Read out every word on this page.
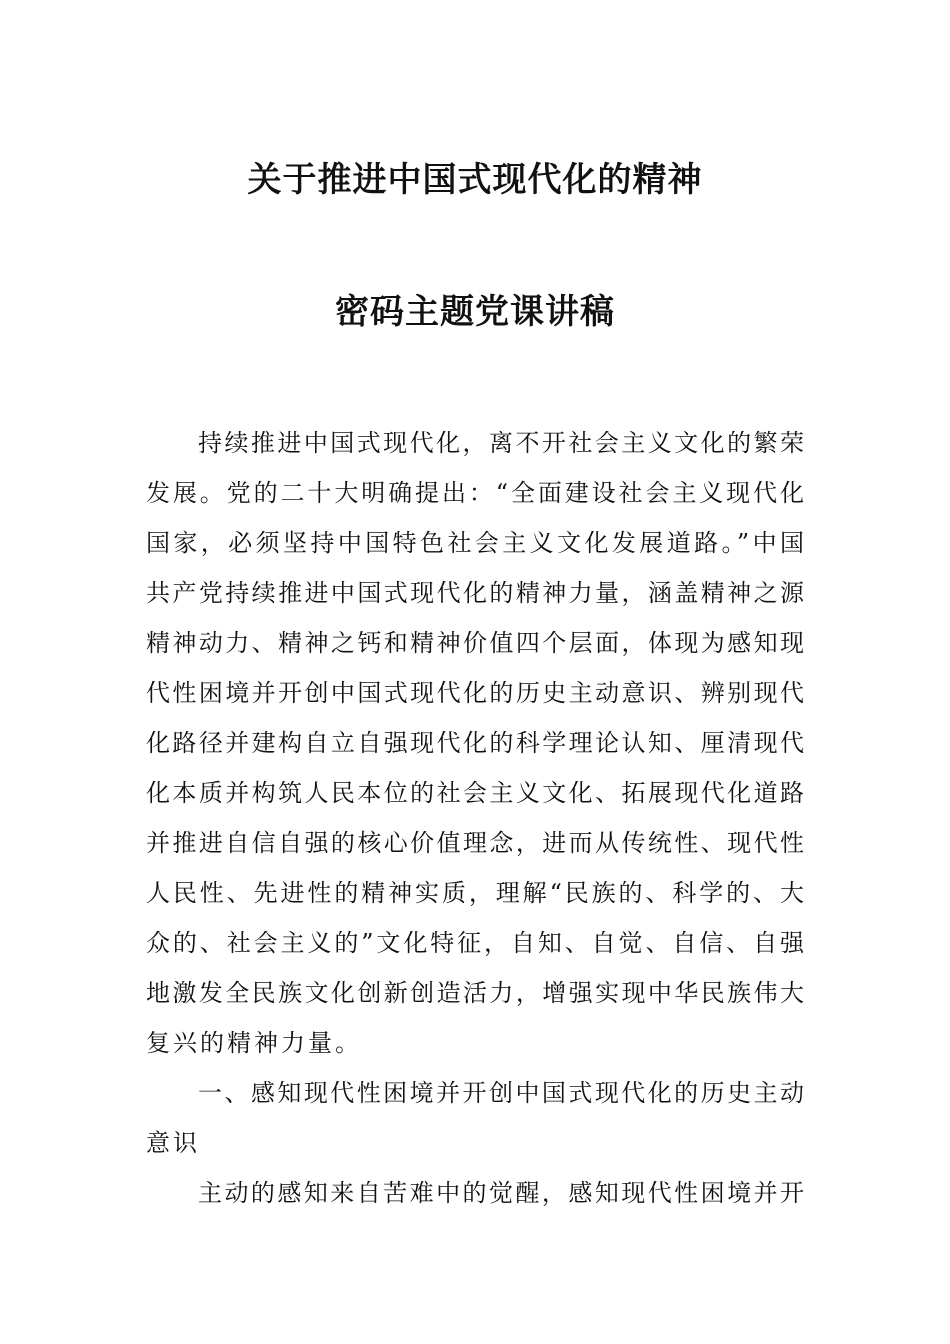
关于推进中国式现代化的精神
密码主题党课讲稿
持续推进中国式现代化，离不开社会主义文化的繁荣
发展。党的二十大明确提出：“全面建设社会主义现代化
国家，必须坚持中国特色社会主义文化发展道路。”中国
共产党持续推进中国式现代化的精神力量，涵盖精神之源
精神动力、精神之钙和精神价值四个层面，体现为感知现
代性困境并开创中国式现代化的历史主动意识、辨别现代
化路径并建构自立自强现代化的科学理论认知、厘清现代
化本质并构筑人民本位的社会主义文化、拓展现代化道路
并推进自信自强的核心价值理念，进而从传统性、现代性
人民性、先进性的精神实质，理解“民族的、科学的、大
众的、社会主义的”文化特征，自知、自觉、自信、自强
地激发全民族文化创新创造活力，增强实现中华民族伟大
复兴的精神力量。
一、感知现代性困境并开创中国式现代化的历史主动
意识
主动的感知来自苦难中的觉醒，感知现代性困境并开
